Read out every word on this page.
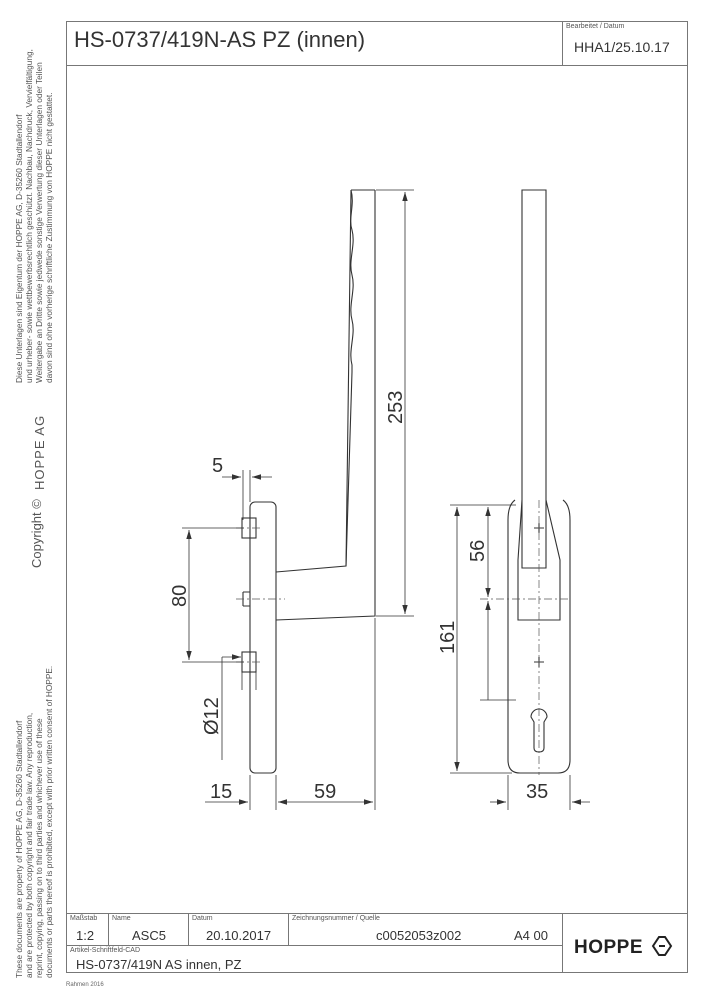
HS-0737/419N-AS PZ (innen)
Bearbeitet / Datum
HHA1/25.10.17
Diese Unterlagen sind Eigentum der HOPPE AG, D-35260 Stadtallendorf und urheber- sowie wettbewerbsrechtlich geschützt. Nachbau, Nachdruck, Vervielfältigung, Weitergabe an Dritte sowie jedwede sonstige Verwertung dieser Unterlagen oder Teilen davon sind ohne vorherige schriftliche Zustimmung von HOPPE nicht gestattet.
These documents are property of HOPPE AG, D-35260 Stadtallendorf and are protected by both copyright and fair trade law. Any reproduction, reprint, copying, passing on to third parties and whichever use of these documents or parts thereof is prohibited, except with prior written consent of HOPPE.
Copyright ©
HOPPE AG	5
80
253
Ø12
15	59
56
161
35
Maßstab
1:2
Name
ASC5
Datum
20.10.2017
Zeichnungsnummer / Quelle
c0052053z002	A4 00
Artikel-Schriftfeld-CAD
HS-0737/419N AS innen, PZ
HOPPE
Rahmen 2016
